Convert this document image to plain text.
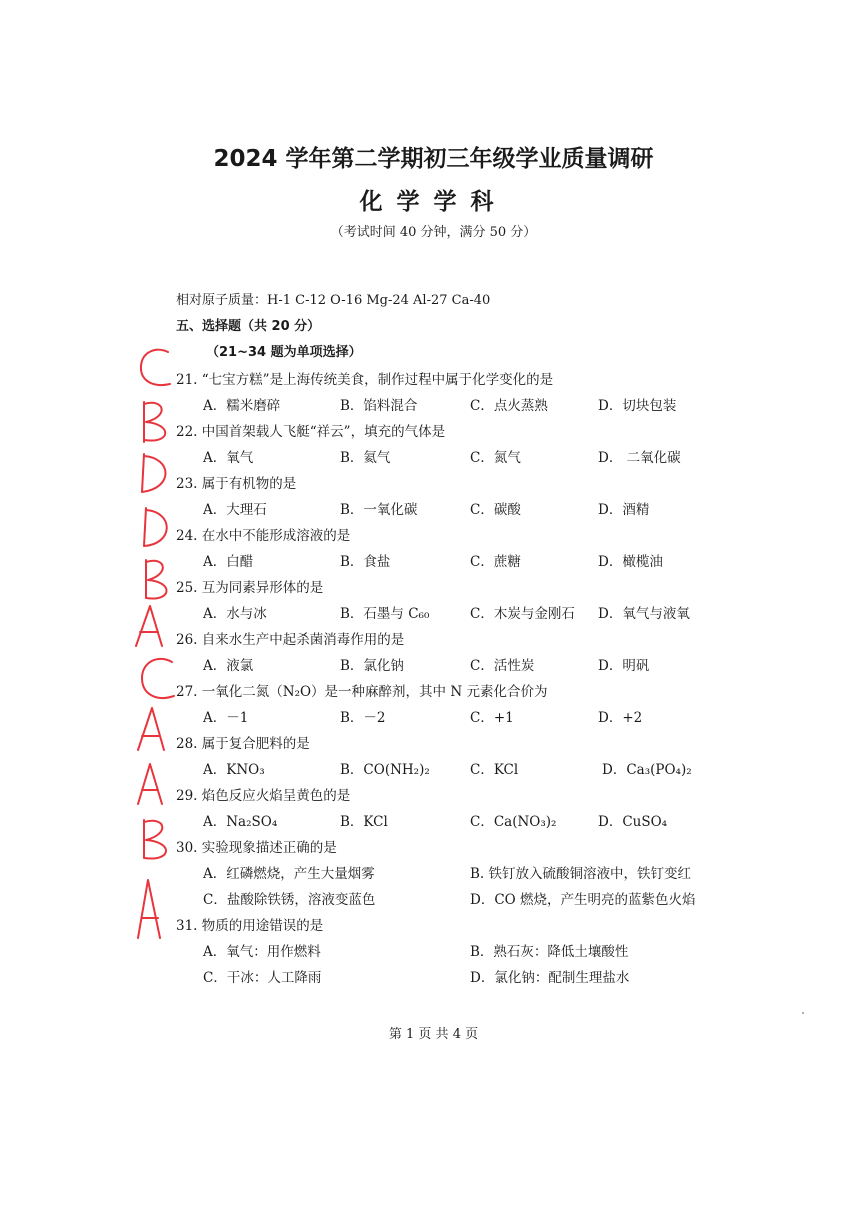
2024 学年第二学期初三年级学业质量调研
化学学科
（考试时间 40 分钟，满分 50 分）
相对原子质量：H-1 C-12 O-16 Mg-24 Al-27 Ca-40
五、选择题（共 20 分）
（21~34 题为单项选择）
21. “七宝方糕”是上海传统美食，制作过程中属于化学变化的是
A．糯米磨碎	B．馅料混合	C．点火蒸熟	D．切块包装
22. 中国首架载人飞艇“祥云”，填充的气体是
A．氧气	B．氦气	C．氮气	D． 二氧化碳
23. 属于有机物的是
A．大理石	B．一氧化碳	C．碳酸	D．酒精
24. 在水中不能形成溶液的是
A．白醋	B．食盐	C．蔗糖	D．橄榄油
25. 互为同素异形体的是
A．水与冰	B．石墨与 C₆₀	C．木炭与金刚石 D．氧气与液氧
26. 自来水生产中起杀菌消毒作用的是
A．液氯	B．氯化钠	C．活性炭	D．明矾
27. 一氧化二氮（N₂O）是一种麻醉剂，其中 N 元素化合价为
A．－1	B．－2	C．+1	D．+2
28. 属于复合肥料的是
A．KNO₃	B．CO(NH₂)₂	C．KCl	D．Ca₃(PO₄)₂
29. 焰色反应火焰呈黄色的是
A．Na₂SO₄	B．KCl	C．Ca(NO₃)₂	D．CuSO₄
30. 实验现象描述正确的是
A．红磷燃烧，产生大量烟雾	B. 铁钉放入硫酸铜溶液中，铁钉变红
C．盐酸除铁锈，溶液变蓝色	D．CO 燃烧，产生明亮的蓝紫色火焰
31. 物质的用途错误的是
A．氧气：用作燃料	B．熟石灰：降低土壤酸性
C．干冰：人工降雨	D．氯化钠：配制生理盐水
第 1 页 共 4 页
